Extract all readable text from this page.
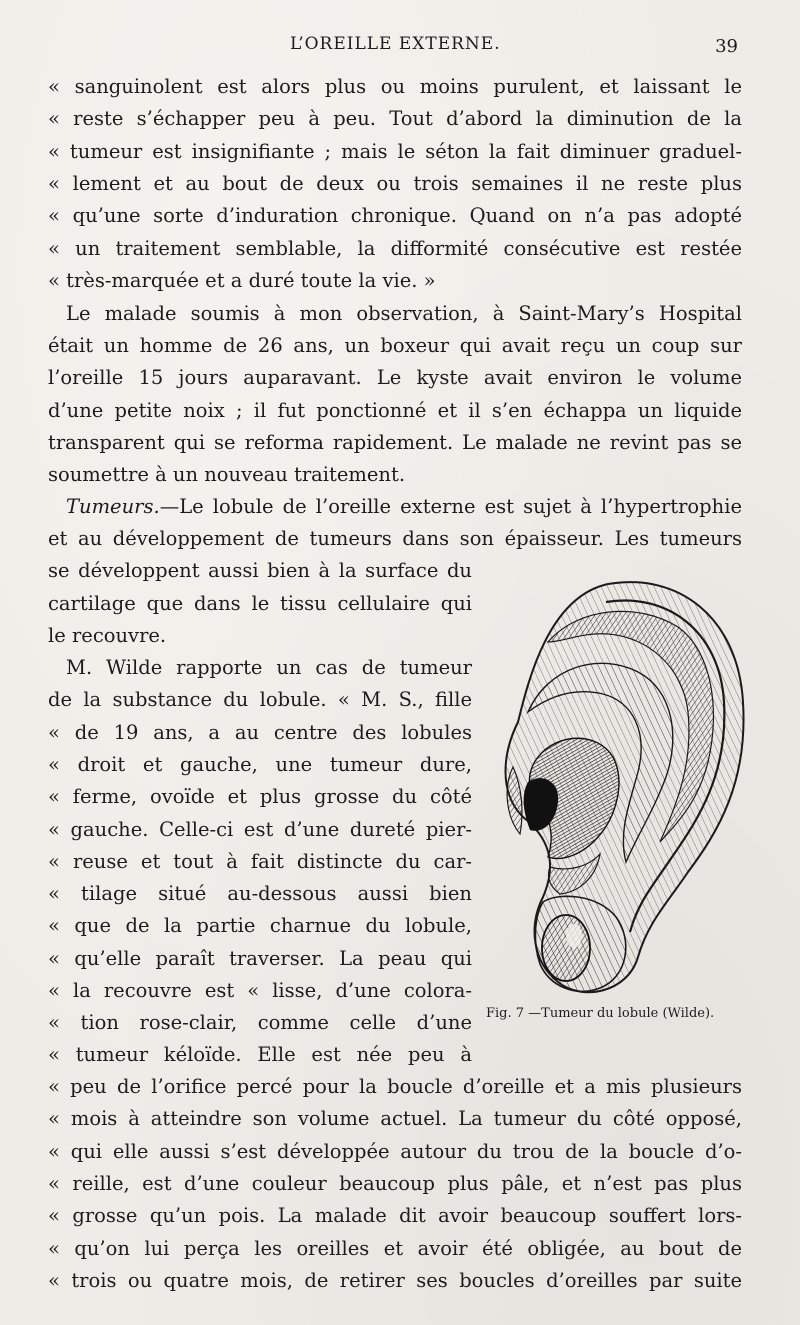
L’OREILLE EXTERNE.	39
« sanguinolent est alors plus ou moins purulent, et laissant le
« reste s’échapper peu à peu. Tout d’abord la diminution de la
« tumeur est insignifiante ; mais le séton la fait diminuer graduel-
« lement et au bout de deux ou trois semaines il ne reste plus
« qu’une sorte d’induration chronique. Quand on n’a pas adopté
« un traitement semblable, la difformité consécutive est restée
« très-marquée et a duré toute la vie. »
Le malade soumis à mon observation, à Saint-Mary’s Hospital
était un homme de 26 ans, un boxeur qui avait reçu un coup sur
l’oreille 15 jours auparavant. Le kyste avait environ le volume
d’une petite noix ; il fut ponctionné et il s’en échappa un liquide
transparent qui se reforma rapidement. Le malade ne revint pas se
soumettre à un nouveau traitement.
Tumeurs. —Le lobule de l’oreille externe est sujet à l’hypertrophie
et au développement de tumeurs dans son épaisseur. Les tumeurs
se développent aussi bien à la surface du
cartilage que dans le tissu cellulaire qui
le recouvre.
M. Wilde rapporte un cas de tumeur
de la substance du lobule. « M. S., fille
« de 19 ans, a au centre des lobules
« droit et gauche, une tumeur dure,
« ferme, ovoïde et plus grosse du côté
« gauche. Celle-ci est d’une dureté pier-
« reuse et tout à fait distincte du car-
« tilage situé au-dessous aussi bien
« que de la partie charnue du lobule,
« qu’elle paraît traverser. La peau qui
« la recouvre est « lisse, d’une colora-
« tion rose-clair, comme celle d’une
« tumeur kéloïde. Elle est née peu à
« peu de l’orifice percé pour la boucle d’oreille et a mis plusieurs
« mois à atteindre son volume actuel. La tumeur du côté opposé,
« qui elle aussi s’est développée autour du trou de la boucle d’o-
« reille, est d’une couleur beaucoup plus pâle, et n’est pas plus
« grosse qu’un pois. La malade dit avoir beaucoup souffert lors-
« qu’on lui perça les oreilles et avoir été obligée, au bout de
« trois ou quatre mois, de retirer ses boucles d’oreilles par suite
Fig. 7 —Tumeur du lobule (Wilde).
